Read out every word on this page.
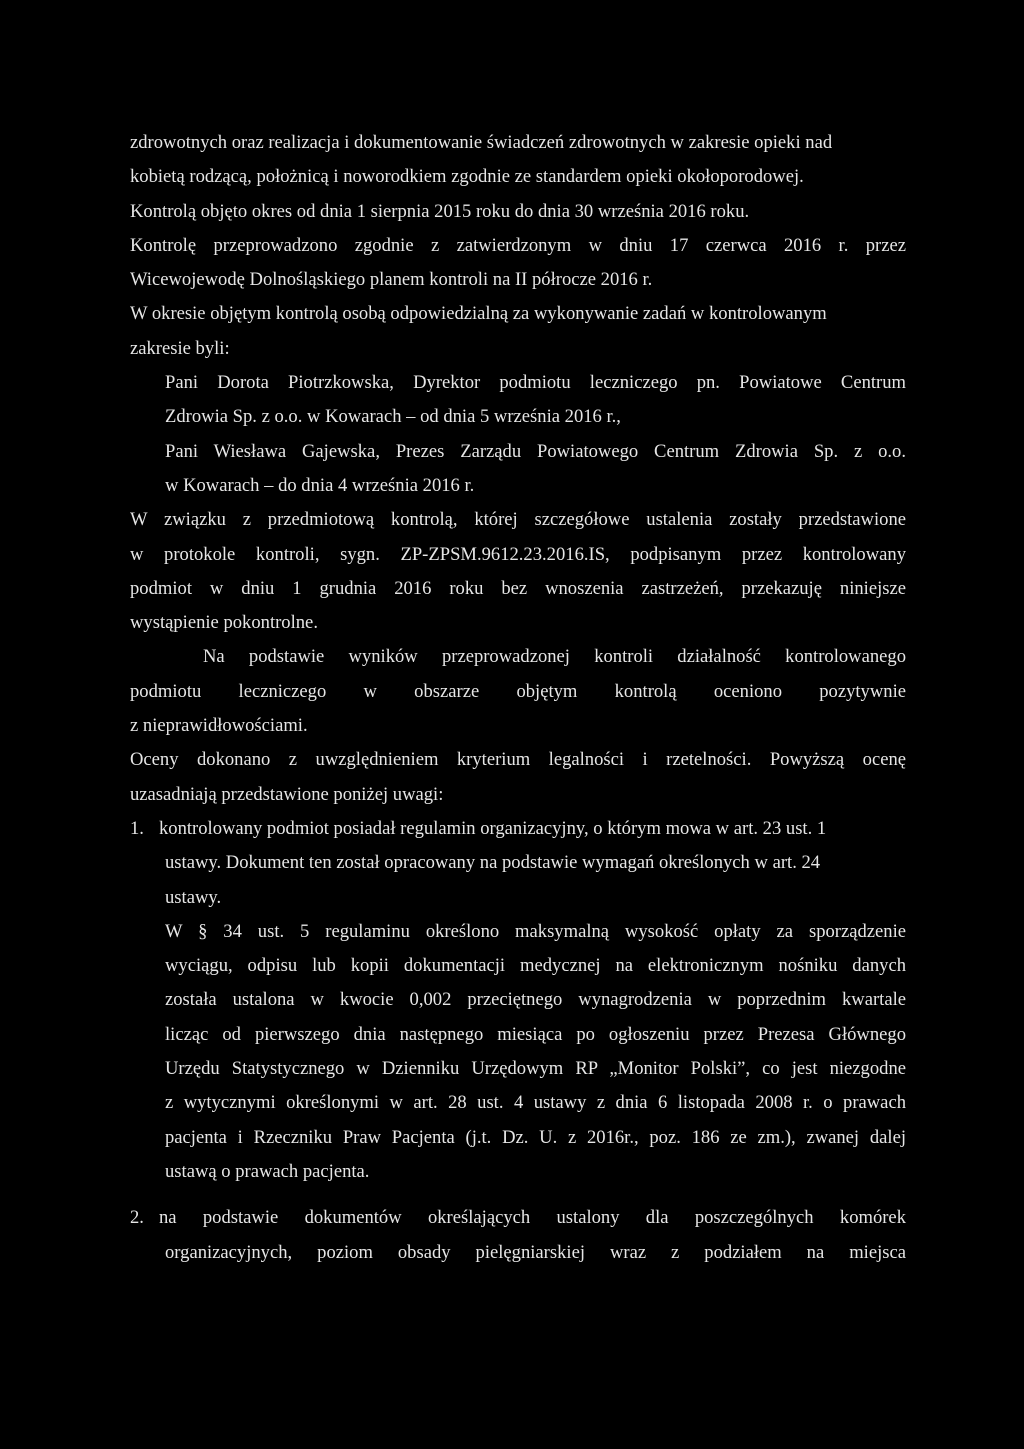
zdrowotnych oraz realizacja i dokumentowanie świadczeń zdrowotnych w zakresie opieki nad
kobietą rodzącą, położnicą i noworodkiem zgodnie ze standardem opieki okołoporodowej.
Kontrolą objęto okres od dnia 1 sierpnia 2015 roku do dnia 30 września 2016 roku.
Kontrolę przeprowadzono zgodnie z zatwierdzonym w dniu 17 czerwca 2016 r. przez
Wicewojewodę Dolnośląskiego planem kontroli na II półrocze 2016 r.
W okresie objętym kontrolą osobą odpowiedzialną za wykonywanie zadań w kontrolowanym
zakresie byli:
Pani Dorota Piotrzkowska, Dyrektor podmiotu leczniczego pn. Powiatowe Centrum
Zdrowia Sp. z o.o. w Kowarach – od dnia 5 września 2016 r.,
Pani Wiesława Gajewska, Prezes Zarządu Powiatowego Centrum Zdrowia Sp. z o.o.
w Kowarach – do dnia 4 września 2016 r.
W związku z przedmiotową kontrolą, której szczegółowe ustalenia zostały przedstawione
w protokole kontroli, sygn. ZP-ZPSM.9612.23.2016.IS, podpisanym przez kontrolowany
podmiot w dniu 1 grudnia 2016 roku bez wnoszenia zastrzeżeń, przekazuję niniejsze
wystąpienie pokontrolne.
Na podstawie wyników przeprowadzonej kontroli działalność kontrolowanego
podmiotu leczniczego w obszarze objętym kontrolą oceniono pozytywnie
z nieprawidłowościami.
Oceny dokonano z uwzględnieniem kryterium legalności i rzetelności. Powyższą ocenę
uzasadniają przedstawione poniżej uwagi:
1. kontrolowany podmiot posiadał regulamin organizacyjny, o którym mowa w art. 23 ust. 1
ustawy. Dokument ten został opracowany na podstawie wymagań określonych w art. 24
ustawy.
W § 34 ust. 5 regulaminu określono maksymalną wysokość opłaty za sporządzenie
wyciągu, odpisu lub kopii dokumentacji medycznej na elektronicznym nośniku danych
została ustalona w kwocie 0,002 przeciętnego wynagrodzenia w poprzednim kwartale
licząc od pierwszego dnia następnego miesiąca po ogłoszeniu przez Prezesa Głównego
Urzędu Statystycznego w Dzienniku Urzędowym RP „Monitor Polski”, co jest niezgodne
z wytycznymi określonymi w art. 28 ust. 4 ustawy z dnia 6 listopada 2008 r. o prawach
pacjenta i Rzeczniku Praw Pacjenta (j.t. Dz. U. z 2016r., poz. 186 ze zm.), zwanej dalej
ustawą o prawach pacjenta.
2. na podstawie dokumentów określających ustalony dla poszczególnych komórek
organizacyjnych, poziom obsady pielęgniarskiej wraz z podziałem na miejsca
